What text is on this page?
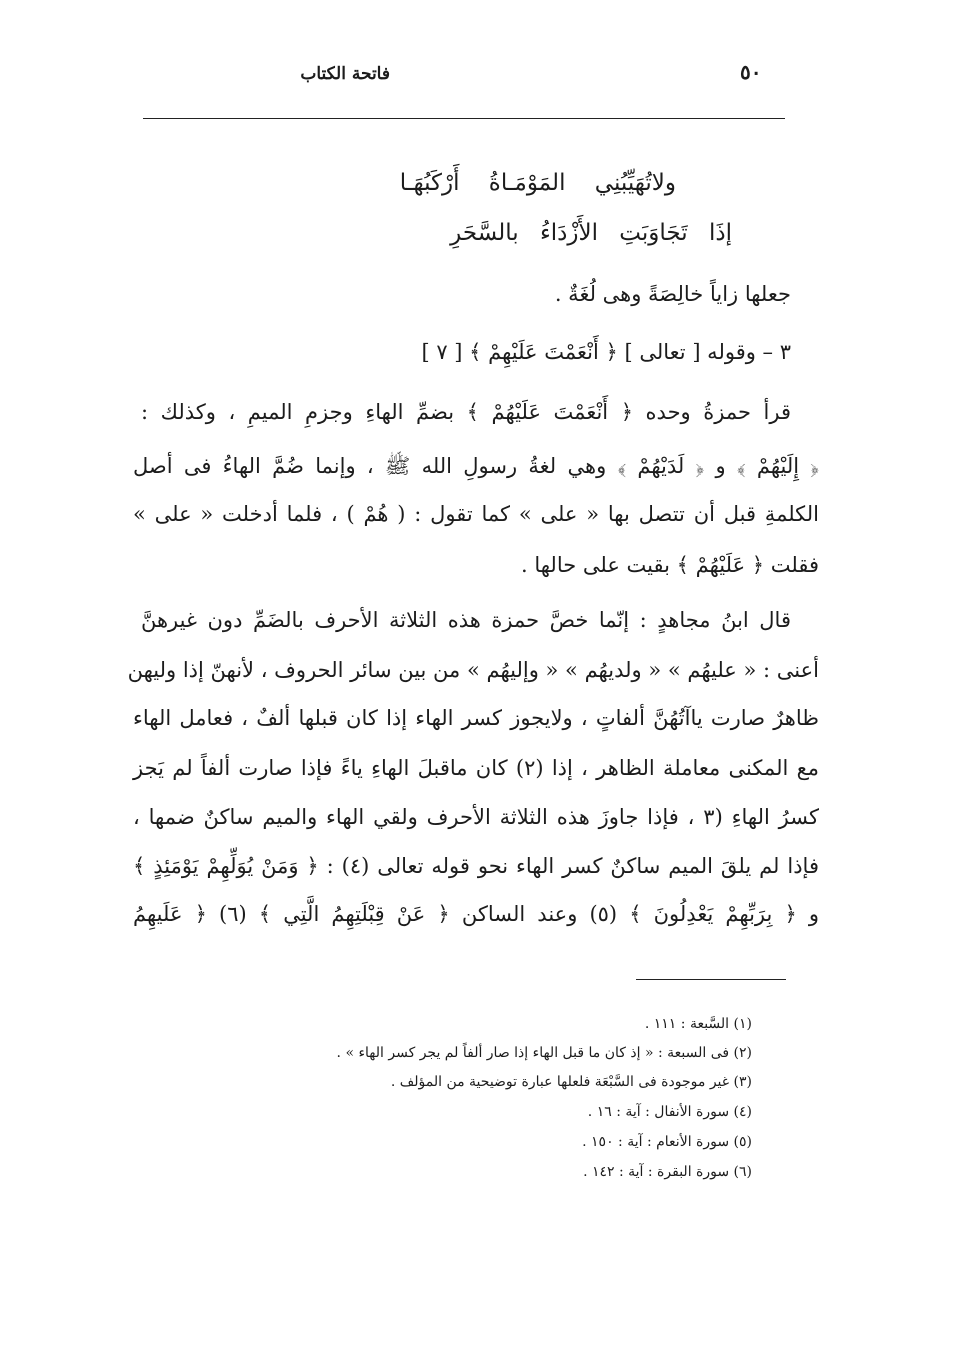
فاتحة الكتاب	٥٠
ولاتُهَيِّبُنِي المَوْمَـاةُ أَرْكَبُهَـا
إذَا تَجَاوَبَتِ الأَزْدَاءُ بالسَّحَرِ
جعلها زاياً خالِصَةً وهى لُغَةٌ .
٣ – وقوله [ تعالى ] ﴿ أَنْعَمْتَ عَلَيْهِمْ ﴾ [ ٧ ]
قرأ حمزةُ وحده ﴿ أَنْعَمْتَ عَلَيْهُمْ ﴾ بضمِّ الهاءِ وجزمِ الميمِ ، وكذلك :
﴿ إِلَيْهُمْ ﴾ و ﴿ لَدَيْهُمْ ﴾ وهي لغةُ رسولِ الله ﷺ ، وإنما ضُمَّ الهاءُ فى أصل
الكلمةِ قبل أن تتصل بها « على » كما تقول : ( هُمْ ) ، فلما أدخلت « على »
فقلت ﴿ عَلَيْهُمْ ﴾ بقيت على حالها .
قال ابنُ مجاهدٍ : إنّما خصَّ حمزة هذه الثلاثة الأحرف بالضَمِّ دون غيرهنَّ
أعنى : « عليهُم » « ولديهُم » « وإليهُم » من بين سائر الحروف ، لأنهنّ إذا وليهن
ظاهرٌ صارت ياآتُهُنَّ ألفاتٍ ، ولايجوز كسر الهاء إذا كان قبلها ألفٌ ، فعامل الهاء
مع المكنى معاملة الظاهر ، إذا (٢) كان ماقبلَ الهاءِ ياءً فإذا صارت ألفاً لم يَجز
كسرُ الهاءِ (٣ ، فإذا جاوزَ هذه الثلاثة الأحرف ولقي الهاء والميم ساكنٌ ضمها ،
فإذا لم يلقَ الميم ساكنٌ كسر الهاء نحو قوله تعالى (٤) : ﴿ وَمَنْ يُوَلِّهِمْ يَوْمَئِذٍ ﴾
و ﴿ بِرَبِّهِمْ يَعْدِلُونَ ﴾ (٥) وعند الساكن ﴿ عَنْ قِبْلَتِهِمُ الَّتِي ﴾ (٦) ﴿ عَلَيهِمُ
(١) السَّبعة : ١١١ .
(٢) فى السبعة : « إذ كان ما قبل الهاء إذا صار ألفاً لم يجر كسر الهاء » .
(٣) غير موجودة فى السَّبْعَة فلعلها عبارة توضيحية من المؤلف .
(٤) سورة الأنفال : آية : ١٦ .
(٥) سورة الأنعام : آية : ١٥٠ .
(٦) سورة البقرة : آية : ١٤٢ .
